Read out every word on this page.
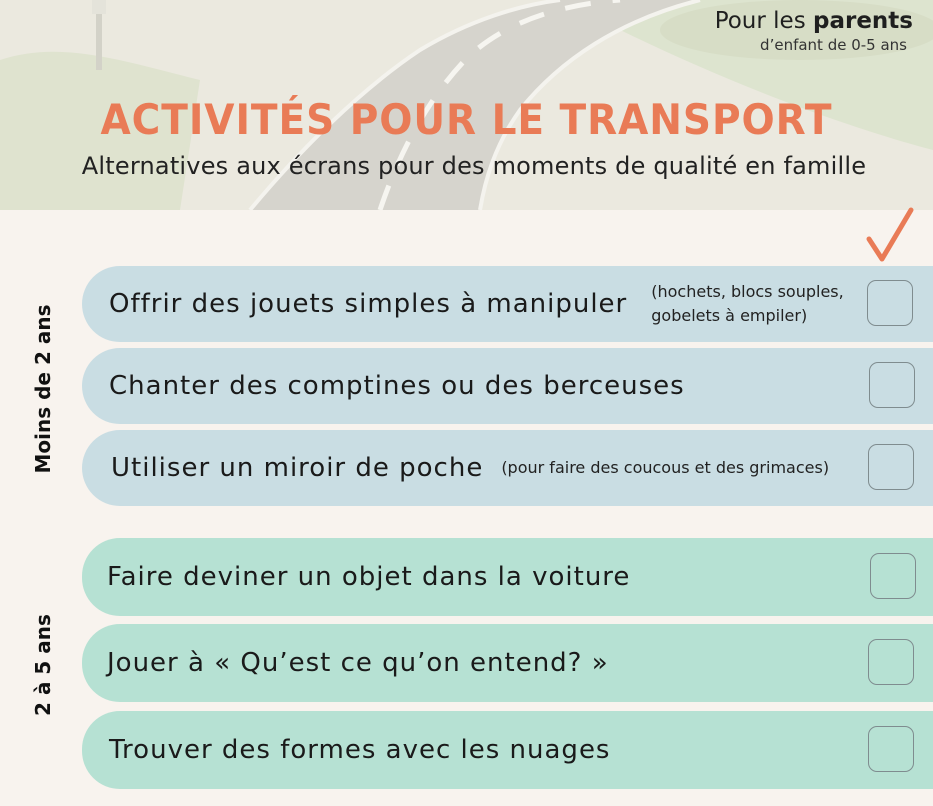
Pour les parents
d’enfant de 0-5 ans
ACTIVITÉS POUR LE TRANSPORT
Alternatives aux écrans pour des moments de qualité en famille
Moins de 2 ans
Offrir des jouets simples à manipuler (hochets, blocs souples, gobelets à empiler)
Chanter des comptines ou des berceuses
Utiliser un miroir de poche (pour faire des coucous et des grimaces)
2 à 5 ans
Faire deviner un objet dans la voiture
Jouer à « Qu’est ce qu’on entend? »
Trouver des formes avec les nuages
